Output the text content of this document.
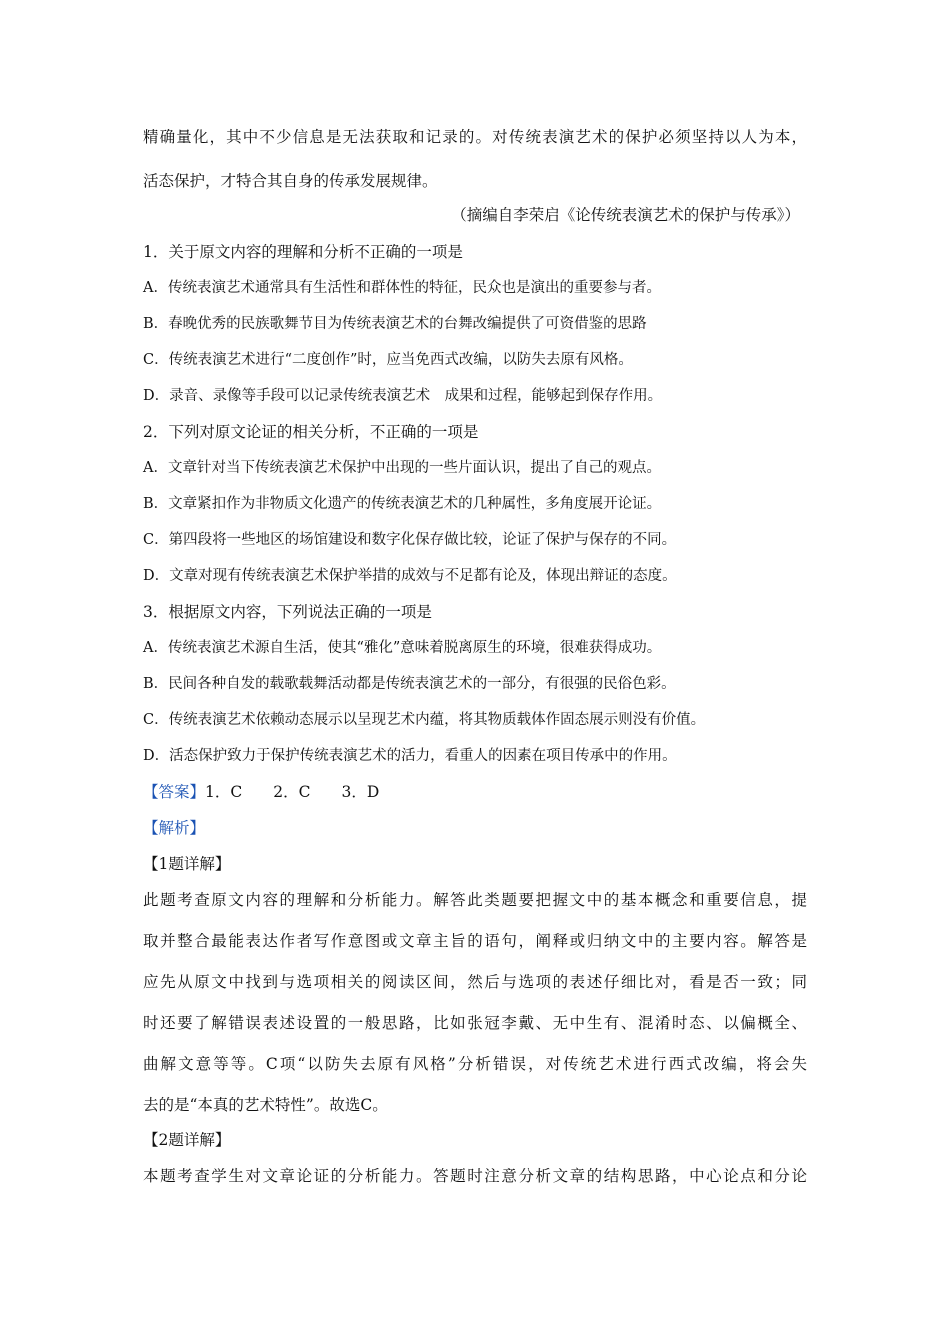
精确量化，其中不少信息是无法获取和记录的。对传统表演艺术的保护必须坚持以人为本，
活态保护，才特合其自身的传承发展规律。
（摘编自李荣启《论传统表演艺术的保护与传承》）
1．关于原文内容的理解和分析不正确的一项是
A．传统表演艺术通常具有生活性和群体性的特征，民众也是演出的重要参与者。
B．春晚优秀的民族歌舞节目为传统表演艺术的台舞改编提供了可资借鉴的思路
C．传统表演艺术进行“二度创作”时，应当免西式改编，以防失去原有风格。
D．录音、录像等手段可以记录传统表演艺术　成果和过程，能够起到保存作用。
2．下列对原文论证的相关分析，不正确的一项是
A．文章针对当下传统表演艺术保护中出现的一些片面认识，提出了自己的观点。
B．文章紧扣作为非物质文化遗产的传统表演艺术的几种属性，多角度展开论证。
C．第四段将一些地区的场馆建设和数字化保存做比较，论证了保护与保存的不同。
D．文章对现有传统表演艺术保护举措的成效与不足都有论及，体现出辩证的态度。
3．根据原文内容，下列说法正确的一项是
A．传统表演艺术源自生活，使其“雅化”意味着脱离原生的环境，很难获得成功。
B．民间各种自发的载歌载舞活动都是传统表演艺术的一部分，有很强的民俗色彩。
C．传统表演艺术依赖动态展示以呈现艺术内蕴，将其物质载体作固态展示则没有价值。
D．活态保护致力于保护传统表演艺术的活力，看重人的因素在项目传承中的作用。
【答案】1．C　　2．C　　3．D
【解析】
【1题详解】
此题考查原文内容的理解和分析能力。解答此类题要把握文中的基本概念和重要信息，提
取并整合最能表达作者写作意图或文章主旨的语句，阐释或归纳文中的主要内容。解答是
应先从原文中找到与选项相关的阅读区间，然后与选项的表述仔细比对，看是否一致；同
时还要了解错误表述设置的一般思路，比如张冠李戴、无中生有、混淆时态、以偏概全、
曲解文意等等。C项“以防失去原有风格”分析错误，对传统艺术进行西式改编，将会失
去的是“本真的艺术特性”。故选C。
【2题详解】
本题考查学生对文章论证的分析能力。答题时注意分析文章的结构思路，中心论点和分论
